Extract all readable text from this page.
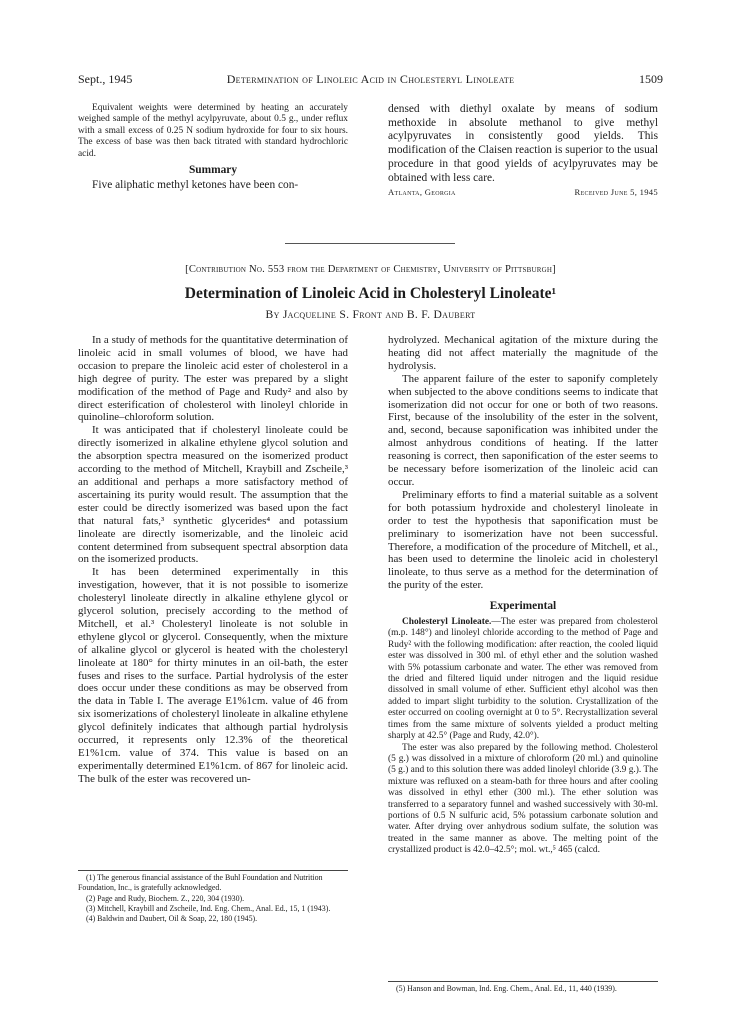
Sept., 1945	Determination of Linoleic Acid in Cholesteryl Linoleate	1509

Equivalent weights were determined by heating an accurately weighed sample of the methyl acylpyruvate, about 0.5 g., under reflux with a small excess of 0.25 N sodium hydroxide for four to six hours. The excess of base was then back titrated with standard hydrochloric acid.

Summary

Five aliphatic methyl ketones have been con-

densed with diethyl oxalate by means of sodium methoxide in absolute methanol to give methyl acylpyruvates in consistently good yields. This modification of the Claisen reaction is superior to the usual procedure in that good yields of acylpyruvates may be obtained with less care.

Atlanta, Georgia	Received June 5, 1945
[Contribution No. 553 from the Department of Chemistry, University of Pittsburgh]
Determination of Linoleic Acid in Cholesteryl Linoleate¹
By Jacqueline S. Front and B. F. Daubert

In a study of methods for the quantitative determination of linoleic acid in small volumes of blood, we have had occasion to prepare the linoleic acid ester of cholesterol in a high degree of purity. The ester was prepared by a slight modification of the method of Page and Rudy² and also by direct esterification of cholesterol with linoleyl chloride in quinoline–chloroform solution.

It was anticipated that if cholesteryl linoleate could be directly isomerized in alkaline ethylene glycol solution and the absorption spectra measured on the isomerized product according to the method of Mitchell, Kraybill and Zscheile,³ an additional and perhaps a more satisfactory method of ascertaining its purity would result. The assumption that the ester could be directly isomerized was based upon the fact that natural fats,³ synthetic glycerides⁴ and potassium linoleate are directly isomerizable, and the linoleic acid content determined from subsequent spectral absorption data on the isomerized products.

It has been determined experimentally in this investigation, however, that it is not possible to isomerize cholesteryl linoleate directly in alkaline ethylene glycol or glycerol solution, precisely according to the method of Mitchell, et al.³ Cholesteryl linoleate is not soluble in ethylene glycol or glycerol. Consequently, when the mixture of alkaline glycol or glycerol is heated with the cholesteryl linoleate at 180° for thirty minutes in an oil-bath, the ester fuses and rises to the surface. Partial hydrolysis of the ester does occur under these conditions as may be observed from the data in Table I. The average E1%1cm. value of 46 from six isomerizations of cholesteryl linoleate in alkaline ethylene glycol definitely indicates that although partial hydrolysis occurred, it represents only 12.3% of the theoretical E1%1cm. value of 374. This value is based on an experimentally determined E1%1cm. of 867 for linoleic acid. The bulk of the ester was recovered un-

hydrolyzed. Mechanical agitation of the mixture during the heating did not affect materially the magnitude of the hydrolysis.

The apparent failure of the ester to saponify completely when subjected to the above conditions seems to indicate that isomerization did not occur for one or both of two reasons. First, because of the insolubility of the ester in the solvent, and, second, because saponification was inhibited under the almost anhydrous conditions of heating. If the latter reasoning is correct, then saponification of the ester seems to be necessary before isomerization of the linoleic acid can occur.

Preliminary efforts to find a material suitable as a solvent for both potassium hydroxide and cholesteryl linoleate in order to test the hypothesis that saponification must be preliminary to isomerization have not been successful. Therefore, a modification of the procedure of Mitchell, et al., has been used to determine the linoleic acid in cholesteryl linoleate, to thus serve as a method for the determination of the purity of the ester.

Experimental

Cholesteryl Linoleate.—The ester was prepared from cholesterol (m.p. 148°) and linoleyl chloride according to the method of Page and Rudy² with the following modification: after reaction, the cooled liquid ester was dissolved in 300 ml. of ethyl ether and the solution washed with 5% potassium carbonate and water. The ether was removed from the dried and filtered liquid under nitrogen and the liquid residue dissolved in small volume of ether. Sufficient ethyl alcohol was then added to impart slight turbidity to the solution. Crystallization of the ester occurred on cooling overnight at 0 to 5°. Recrystallization several times from the same mixture of solvents yielded a product melting sharply at 42.5° (Page and Rudy, 42.0°).

The ester was also prepared by the following method. Cholesterol (5 g.) was dissolved in a mixture of chloroform (20 ml.) and quinoline (5 g.) and to this solution there was added linoleyl chloride (3.9 g.). The mixture was refluxed on a steam-bath for three hours and after cooling was dissolved in ethyl ether (300 ml.). The ether solution was transferred to a separatory funnel and washed successively with 30-ml. portions of 0.5 N sulfuric acid, 5% potassium carbonate solution and water. After drying over anhydrous sodium sulfate, the solution was treated in the same manner as above. The melting point of the crystallized product is 42.0–42.5°; mol. wt.,⁵ 465 (calcd.

(1) The generous financial assistance of the Buhl Foundation and Nutrition Foundation, Inc., is gratefully acknowledged.

(2) Page and Rudy, Biochem. Z., 220, 304 (1930).

(3) Mitchell, Kraybill and Zscheile, Ind. Eng. Chem., Anal. Ed., 15, 1 (1943).

(4) Baldwin and Daubert, Oil & Soap, 22, 180 (1945).

(5) Hanson and Bowman, Ind. Eng. Chem., Anal. Ed., 11, 440 (1939).
